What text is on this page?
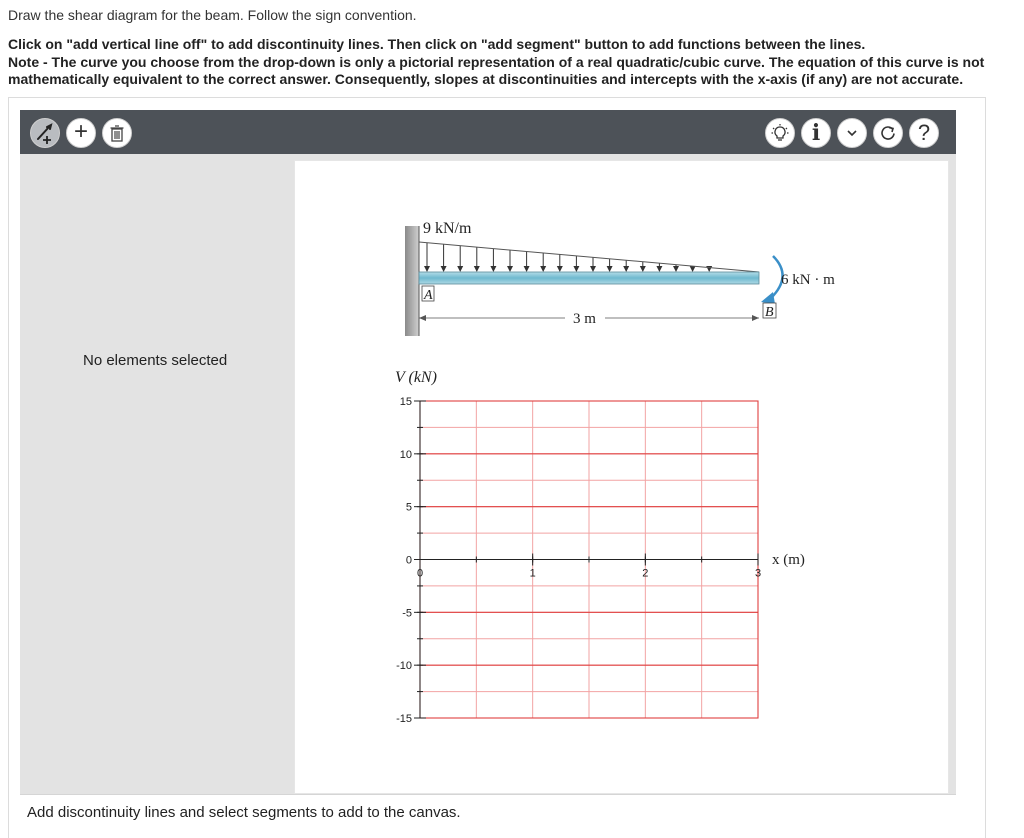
Draw the shear diagram for the beam. Follow the sign convention.
Click on "add vertical line off" to add discontinuity lines. Then click on "add segment" button to add functions between the lines.
Note - The curve you choose from the drop-down is only a pictorial representation of a real quadratic/cubic curve. The equation of this curve is not mathematically equivalent to the correct answer. Consequently, slopes at discontinuities and intercepts with the x-axis (if any) are not accurate.
+	i	?
No elements selected
9 kN/m
6 kN · m
A
B
3 m
15
10
5
0
-5
-10
-15
0	1	2	3
V (kN)
x (m)
Add discontinuity lines and select segments to add to the canvas.
